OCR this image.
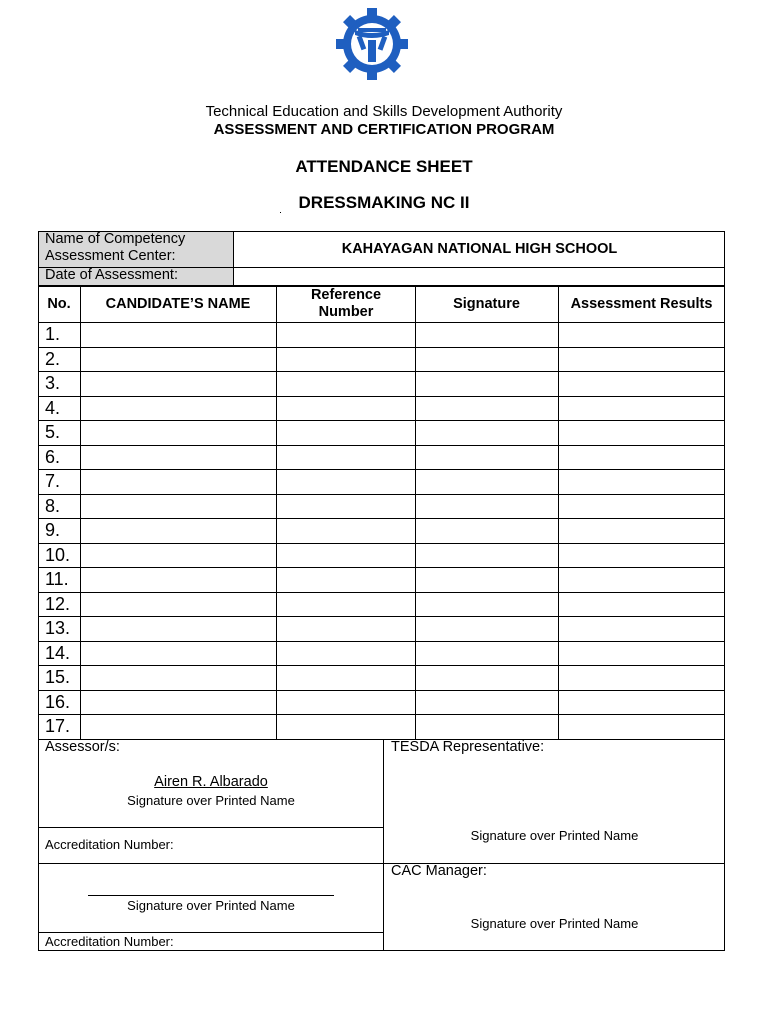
Technical Education and Skills Development Authority
ASSESSMENT AND CERTIFICATION PROGRAM
ATTENDANCE SHEET
DRESSMAKING NC II
Name of Competency
Assessment Center:
Date of Assessment:
KAHAYAGAN NATIONAL HIGH SCHOOL
No.	CANDIDATE’S NAME
Reference Number
Signature	Assessment Results
1.
2.
3.
4.
5.
6.
7.
8.
9.
10.
11.
12.
13.
14.
15.
16.
17.
Assessor/s:
Airen R. Albarado
Signature over Printed Name
Accreditation Number:
Signature over Printed Name
Accreditation Number:
TESDA Representative:
Signature over Printed Name
CAC Manager:
Signature over Printed Name
